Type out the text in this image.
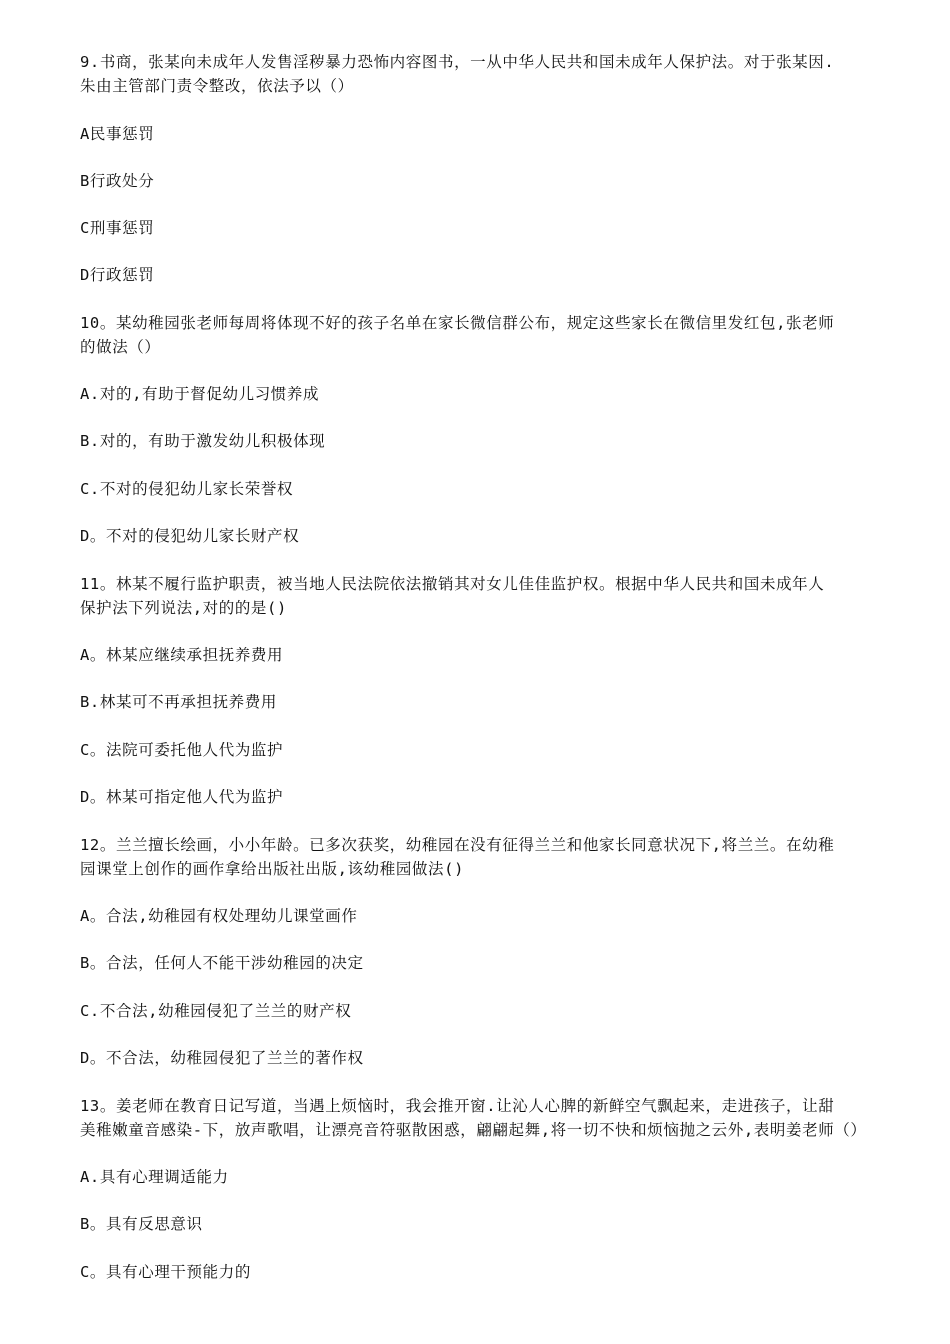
9.书商，张某向未成年人发售淫秽暴力恐怖内容图书，一从中华人民共和国未成年人保护法。对于张某因.
朱由主管部门责令整改，依法予以（）
A民事惩罚
B行政处分
C刑事惩罚
D行政惩罚
10。某幼稚园张老师每周将体现不好的孩子名单在家长微信群公布，规定这些家长在微信里发红包,张老师
的做法（）
A.对的,有助于督促幼儿习惯养成
B.对的，有助于激发幼儿积极体现
C.不对的侵犯幼儿家长荣誉权
D。不对的侵犯幼儿家长财产权
11。林某不履行监护职责，被当地人民法院依法撤销其对女儿佳佳监护权。根据中华人民共和国未成年人
保护法下列说法,对的的是()
A。林某应继续承担抚养费用
B.林某可不再承担抚养费用
C。法院可委托他人代为监护
D。林某可指定他人代为监护
12。兰兰擅长绘画，小小年龄。已多次获奖，幼稚园在没有征得兰兰和他家长同意状况下,将兰兰。在幼稚
园课堂上创作的画作拿给出版社出版,该幼稚园做法()
A。合法,幼稚园有权处理幼儿课堂画作
B。合法，任何人不能干涉幼稚园的决定
C.不合法,幼稚园侵犯了兰兰的财产权
D。不合法，幼稚园侵犯了兰兰的著作权
13。姜老师在教育日记写道，当遇上烦恼时，我会推开窗.让沁人心脾的新鲜空气飘起来，走进孩子，让甜
美稚嫩童音感染-下，放声歌唱，让漂亮音符驱散困惑，翩翩起舞,将一切不快和烦恼抛之云外,表明姜老师（）
A.具有心理调适能力
B。具有反思意识
C。具有心理干预能力的
